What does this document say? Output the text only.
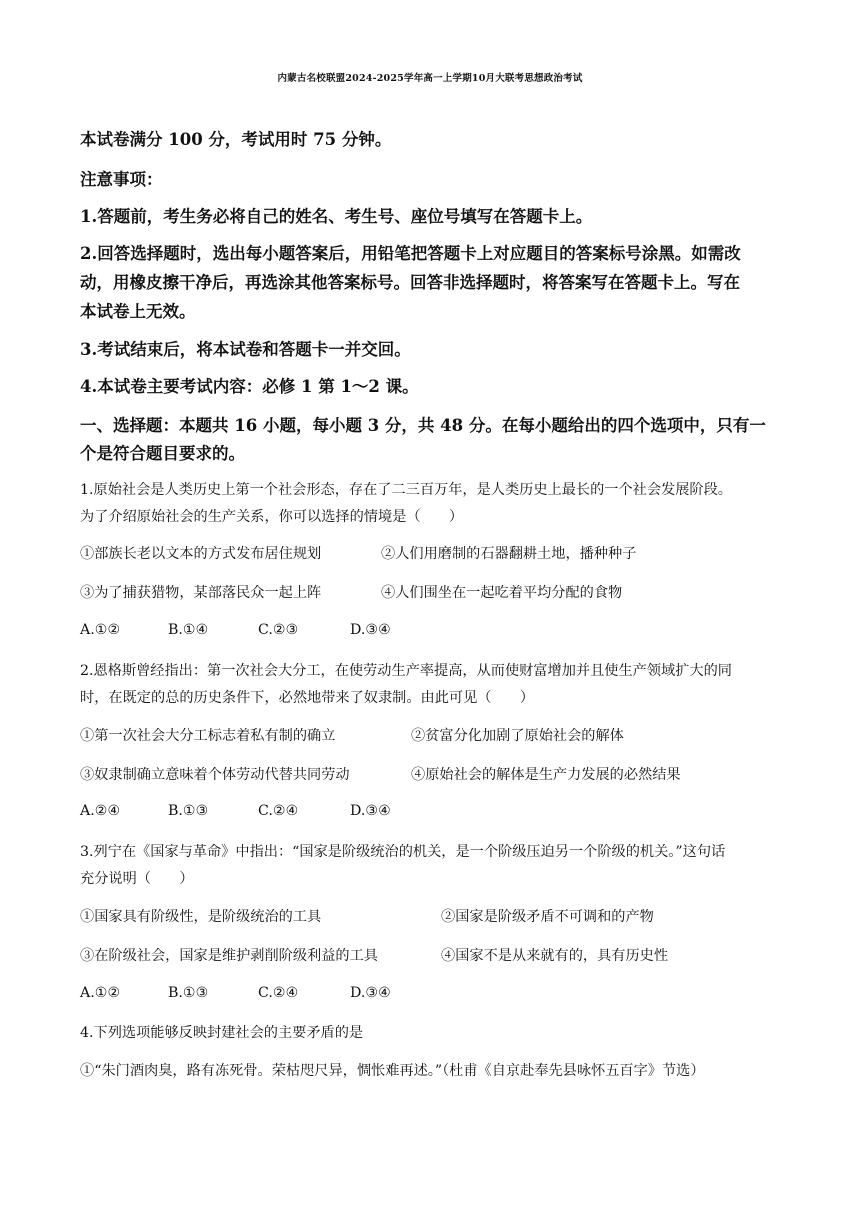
内蒙古名校联盟2024-2025学年高一上学期10月大联考思想政治考试
本试卷满分 100 分，考试用时 75 分钟。
注意事项：
1.答题前，考生务必将自己的姓名、考生号、座位号填写在答题卡上。
2.回答选择题时，选出每小题答案后，用铅笔把答题卡上对应题目的答案标号涂黑。如需改
动，用橡皮擦干净后，再选涂其他答案标号。回答非选择题时，将答案写在答题卡上。写在
本试卷上无效。
3.考试结束后，将本试卷和答题卡一并交回。
4.本试卷主要考试内容：必修 1 第 1～2 课。
一、选择题：本题共 16 小题，每小题 3 分，共 48 分。在每小题给出的四个选项中，只有一
个是符合题目要求的。
1.原始社会是人类历史上第一个社会形态，存在了二三百万年，是人类历史上最长的一个社会发展阶段。
为了介绍原始社会的生产关系，你可以选择的情境是（　　）
①部族长老以文本的方式发布居住规划	②人们用磨制的石器翻耕土地，播种种子
③为了捕获猎物，某部落民众一起上阵	④人们围坐在一起吃着平均分配的食物
A.①②	B.①④	C.②③	D.③④
2.恩格斯曾经指出：第一次社会大分工，在使劳动生产率提高，从而使财富增加并且使生产领域扩大的同
时，在既定的总的历史条件下，必然地带来了奴隶制。由此可见（　　）
①第一次社会大分工标志着私有制的确立	②贫富分化加剧了原始社会的解体
③奴隶制确立意味着个体劳动代替共同劳动	④原始社会的解体是生产力发展的必然结果
A.②④	B.①③	C.②④	D.③④
3.列宁在《国家与革命》中指出：“国家是阶级统治的机关，是一个阶级压迫另一个阶级的机关。”这句话
充分说明（　　）
①国家具有阶级性，是阶级统治的工具	②国家是阶级矛盾不可调和的产物
③在阶级社会，国家是维护剥削阶级利益的工具	④国家不是从来就有的，具有历史性
A.①②	B.①③	C.②④	D.③④
4.下列选项能够反映封建社会的主要矛盾的是
①“朱门酒肉臭，路有冻死骨。荣枯咫尺异，惆怅难再述。”（杜甫《自京赴奉先县咏怀五百字》节选）
